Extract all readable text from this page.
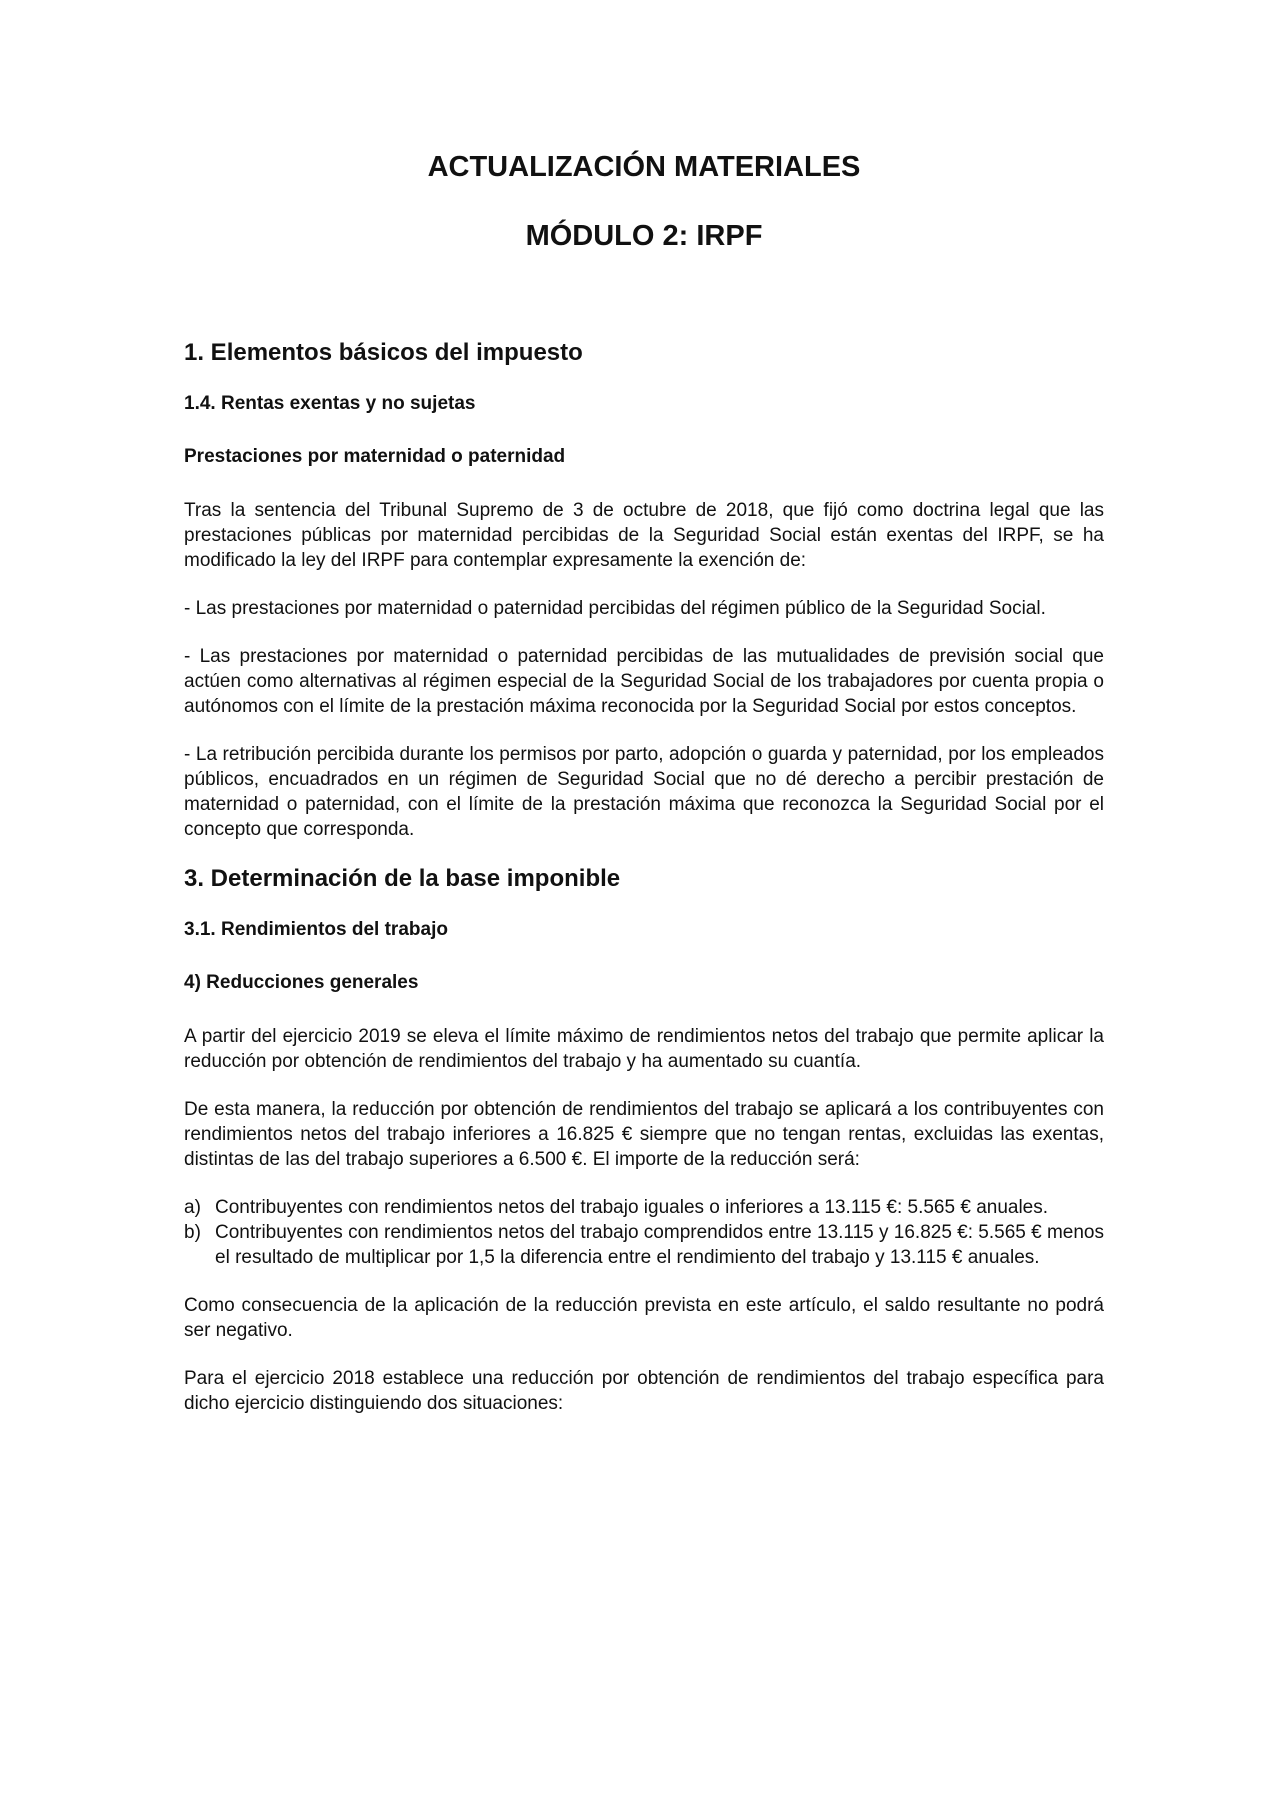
ACTUALIZACIÓN MATERIALES
MÓDULO 2: IRPF
1. Elementos básicos del impuesto
1.4. Rentas exentas y no sujetas
Prestaciones por maternidad o paternidad

Tras la sentencia del Tribunal Supremo de 3 de octubre de 2018, que fijó como doctrina legal que las prestaciones públicas por maternidad percibidas de la Seguridad Social están exentas del IRPF, se ha modificado la ley del IRPF para contemplar expresamente la exención de:

- Las prestaciones por maternidad o paternidad percibidas del régimen público de la Seguridad Social.

- Las prestaciones por maternidad o paternidad percibidas de las mutualidades de previsión social que actúen como alternativas al régimen especial de la Seguridad Social de los trabajadores por cuenta propia o autónomos con el límite de la prestación máxima reconocida por la Seguridad Social por estos conceptos.

- La retribución percibida durante los permisos por parto, adopción o guarda y paternidad, por los empleados públicos, encuadrados en un régimen de Seguridad Social que no dé derecho a percibir prestación de maternidad o paternidad, con el límite de la prestación máxima que reconozca la Seguridad Social por el concepto que corresponda.

3. Determinación de la base imponible
3.1. Rendimientos del trabajo
4) Reducciones generales

A partir del ejercicio 2019 se eleva el límite máximo de rendimientos netos del trabajo que permite aplicar la reducción por obtención de rendimientos del trabajo y ha aumentado su cuantía.

De esta manera, la reducción por obtención de rendimientos del trabajo se aplicará a los contribuyentes con rendimientos netos del trabajo inferiores a 16.825 € siempre que no tengan rentas, excluidas las exentas, distintas de las del trabajo superiores a 6.500 €. El importe de la reducción será:

a) Contribuyentes con rendimientos netos del trabajo iguales o inferiores a 13.115 €: 5.565 € anuales.
b) Contribuyentes con rendimientos netos del trabajo comprendidos entre 13.115 y 16.825 €: 5.565 € menos el resultado de multiplicar por 1,5 la diferencia entre el rendimiento del trabajo y 13.115 € anuales.

Como consecuencia de la aplicación de la reducción prevista en este artículo, el saldo resultante no podrá ser negativo.

Para el ejercicio 2018 establece una reducción por obtención de rendimientos del trabajo específica para dicho ejercicio distinguiendo dos situaciones:
